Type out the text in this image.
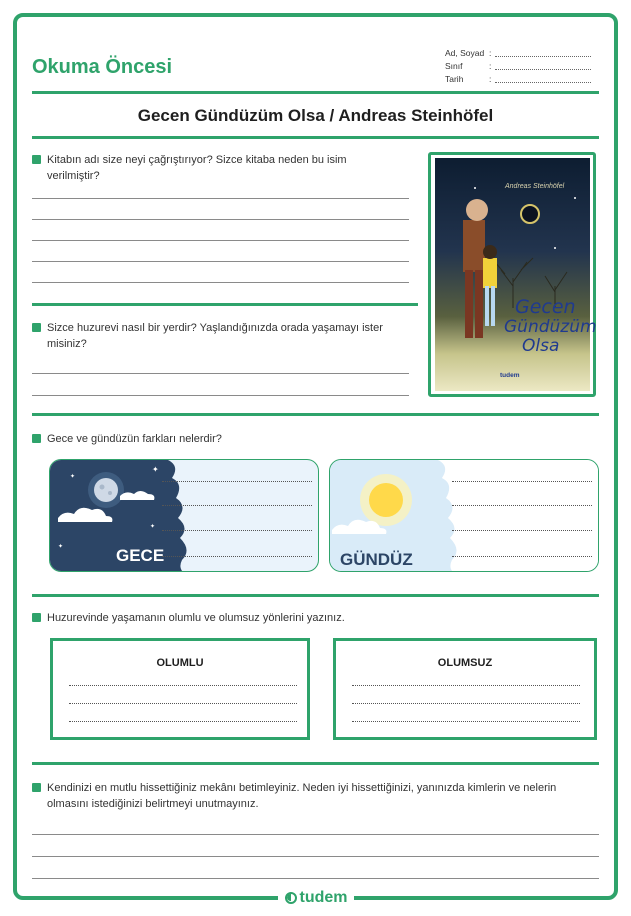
Okuma Öncesi
Ad, Soyad :
Sınıf	:
Tarih	:
Gecen Gündüzüm Olsa / Andreas Steinhöfel
Kitabın adı size neyi çağrıştırıyor? Sizce kitaba neden bu isim verilmiştir?
Sizce huzurevi nasıl bir yerdir? Yaşlandığınızda orada yaşamayı ister misiniz?
Andreas Steinhöfel
Gecen
Gündüzüm
Olsa
tudem
Gece ve gündüzün farkları nelerdir?
✦
✦
✦
✦
GECE	GÜNDÜZ
Huzurevinde yaşamanın olumlu ve olumsuz yönlerini yazınız.
OLUMLU	OLUMSUZ
Kendinizi en mutlu hissettiğiniz mekânı betimleyiniz. Neden iyi hissettiğinizi, yanınızda kimlerin ve nelerin olmasını istediğinizi belirtmeyi unutmayınız.
tudem
